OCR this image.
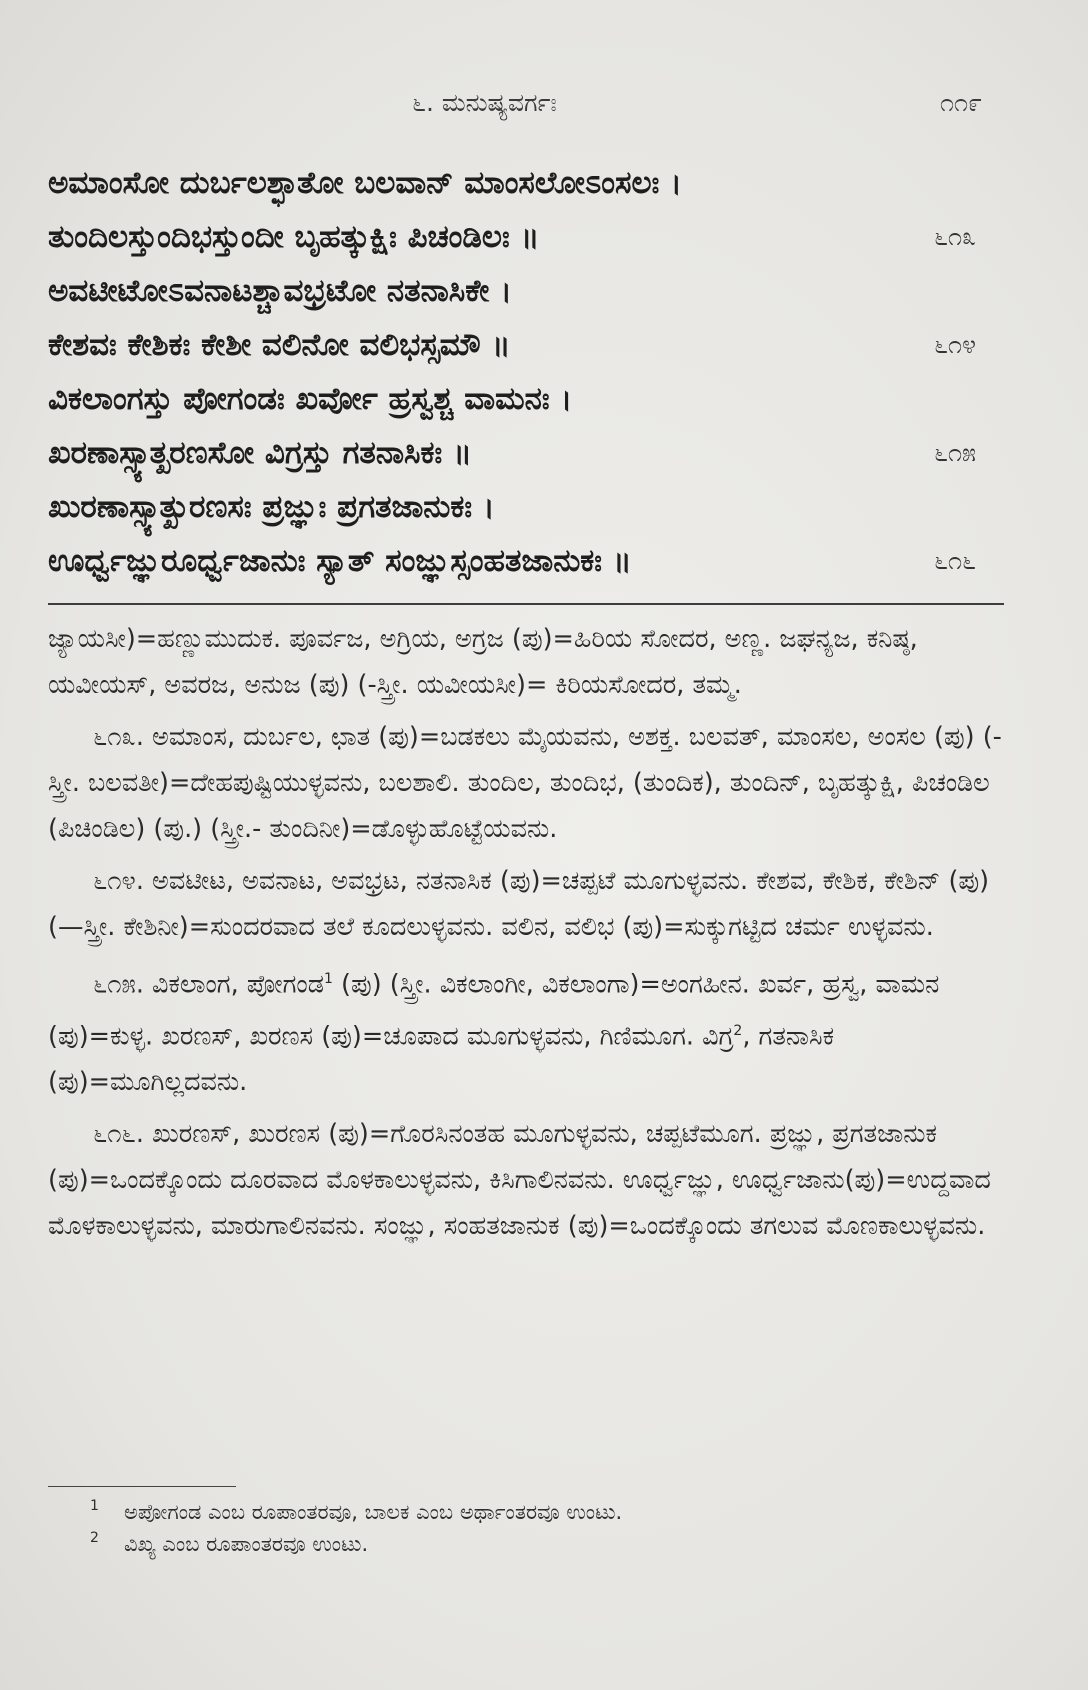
೬. ಮನುಷ್ಯವರ್ಗಃ	೧೧೯
ಅಮಾಂಸೋ ದುರ್ಬಲಶ್ಛಾತೋ ಬಲವಾನ್ ಮಾಂಸಲೋಽಂಸಲಃ ।
ತುಂದಿಲಸ್ತುಂದಿಭಸ್ತುಂದೀ ಬೃಹತ್ಕುಕ್ಷಿಃ ಪಿಚಂಡಿಲಃ ॥	೬೧೩
ಅವಟೀಟೋಽವನಾಟಶ್ಚಾವಭ್ರಟೋ ನತನಾಸಿಕೇ ।
ಕೇಶವಃ ಕೇಶಿಕಃ ಕೇಶೀ ವಲಿನೋ ವಲಿಭಸ್ಸಮೌ ॥	೬೧೪
ವಿಕಲಾಂಗಸ್ತು ಪೋಗಂಡಃ ಖರ್ವೋ ಹ್ರಸ್ವಶ್ಚ ವಾಮನಃ ।
ಖರಣಾಸ್ಸ್ಯಾತ್ಖರಣಸೋ ವಿಗ್ರಸ್ತು ಗತನಾಸಿಕಃ ॥	೬೧೫
ಖುರಣಾಸ್ಸ್ಯಾತ್ಖುರಣಸಃ ಪ್ರಜ್ಞುಃ ಪ್ರಗತಜಾನುಕಃ ।
ಊರ್ಧ್ವಜ್ಞುರೂರ್ಧ್ವಜಾನುಃ ಸ್ಯಾತ್ ಸಂಜ್ಞುಸ್ಸಂಹತಜಾನುಕಃ ॥	೬೧೬

ಜ್ಯಾಯಸೀ)=ಹಣ್ಣುಮುದುಕ. ಪೂರ್ವಜ, ಅಗ್ರಿಯ, ಅಗ್ರಜ (ಪು)=ಹಿರಿಯ ಸೋದರ, ಅಣ್ಣ. ಜಘನ್ಯಜ, ಕನಿಷ್ಠ, ಯವೀಯಸ್, ಅವರಜ, ಅನುಜ (ಪು) (-ಸ್ತ್ರೀ. ಯವೀಯಸೀ)= ಕಿರಿಯಸೋದರ, ತಮ್ಮ.

೬೧೩. ಅಮಾಂಸ, ದುರ್ಬಲ, ಛಾತ (ಪು)=ಬಡಕಲು ಮೈಯವನು, ಅಶಕ್ತ. ಬಲವತ್, ಮಾಂಸಲ, ಅಂಸಲ (ಪು) (-ಸ್ತ್ರೀ. ಬಲವತೀ)=ದೇಹಪುಷ್ಟಿಯುಳ್ಳವನು, ಬಲಶಾಲಿ. ತುಂದಿಲ, ತುಂದಿಭ, (ತುಂದಿಕ), ತುಂದಿನ್, ಬೃಹತ್ಕುಕ್ಷಿ, ಪಿಚಂಡಿಲ (ಪಿಚಿಂಡಿಲ) (ಪು.) (ಸ್ತ್ರೀ.- ತುಂದಿನೀ)=ಡೊಳ್ಳುಹೊಟ್ಟೆಯವನು.

೬೧೪. ಅವಟೀಟ, ಅವನಾಟ, ಅವಭ್ರಟ, ನತನಾಸಿಕ (ಪು)=ಚಪ್ಪಟೆ ಮೂಗುಳ್ಳವನು. ಕೇಶವ, ಕೇಶಿಕ, ಕೇಶಿನ್ (ಪು) (—ಸ್ತ್ರೀ. ಕೇಶಿನೀ)=ಸುಂದರವಾದ ತಲೆ ಕೂದಲುಳ್ಳವನು. ವಲಿನ, ವಲಿಭ (ಪು)=ಸುಕ್ಕುಗಟ್ಟಿದ ಚರ್ಮ ಉಳ್ಳವನು.

೬೧೫. ವಿಕಲಾಂಗ, ಪೋಗಂಡ$^1$ (ಪು) (ಸ್ತ್ರೀ. ವಿಕಲಾಂಗೀ, ವಿಕಲಾಂಗಾ)=ಅಂಗಹೀನ. ಖರ್ವ, ಹ್ರಸ್ವ, ವಾಮನ (ಪು)=ಕುಳ್ಳ. ಖರಣಸ್, ಖರಣಸ (ಪು)=ಚೂಪಾದ ಮೂಗುಳ್ಳವನು, ಗಿಣಿಮೂಗ. ವಿಗ್ರ$^2$, ಗತನಾಸಿಕ (ಪು)=ಮೂಗಿಲ್ಲದವನು.

೬೧೬. ಖುರಣಸ್, ಖುರಣಸ (ಪು)=ಗೊರಸಿನಂತಹ ಮೂಗುಳ್ಳವನು, ಚಪ್ಪಟೆಮೂಗ. ಪ್ರಜ್ಞು, ಪ್ರಗತಜಾನುಕ (ಪು)=ಒಂದಕ್ಕೊಂದು ದೂರವಾದ ಮೊಳಕಾಲುಳ್ಳವನು, ಕಿಸಿಗಾಲಿನವನು. ಊರ್ಧ್ವಜ್ಞು, ಊರ್ಧ್ವಜಾನು(ಪು)=ಉದ್ದವಾದ ಮೊಳಕಾಲುಳ್ಳವನು, ಮಾರುಗಾಲಿನವನು. ಸಂಜ್ಞು, ಸಂಹತಜಾನುಕ (ಪು)=ಒಂದಕ್ಕೊಂದು ತಗಲುವ ಮೊಣಕಾಲುಳ್ಳವನು.

1 ಅಪೋಗಂಡ ಎಂಬ ರೂಪಾಂತರವೂ, ಬಾಲಕ ಎಂಬ ಅರ್ಥಾಂತರವೂ ಉಂಟು.
2 ವಿಖ್ಯ ಎಂಬ ರೂಪಾಂತರವೂ ಉಂಟು.
